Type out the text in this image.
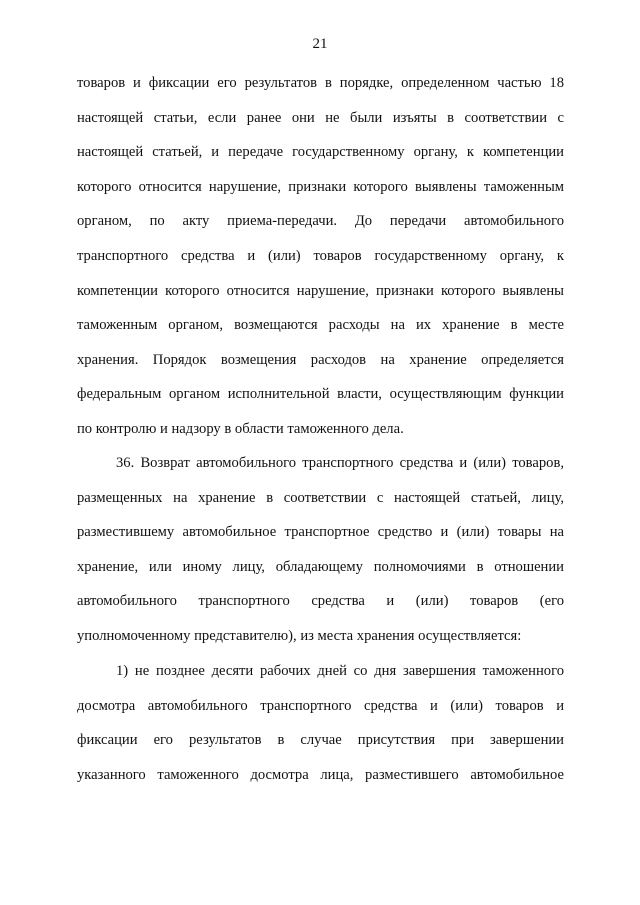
21
товаров и фиксации его результатов в порядке, определенном частью 18
настоящей статьи, если ранее они не были изъяты в соответствии с
настоящей статьей, и передаче государственному органу, к компетенции
которого относится нарушение, признаки которого выявлены таможенным
органом, по акту приема-передачи. До передачи автомобильного
транспортного средства и (или) товаров государственному органу, к
компетенции которого относится нарушение, признаки которого выявлены
таможенным органом, возмещаются расходы на их хранение в месте
хранения. Порядок возмещения расходов на хранение определяется
федеральным органом исполнительной власти, осуществляющим функции
по контролю и надзору в области таможенного дела.
36. Возврат автомобильного транспортного средства и (или) товаров,
размещенных на хранение в соответствии с настоящей статьей, лицу,
разместившему автомобильное транспортное средство и (или) товары на
хранение, или иному лицу, обладающему полномочиями в отношении
автомобильного транспортного средства и (или) товаров (его
уполномоченному представителю), из места хранения осуществляется:
1) не позднее десяти рабочих дней со дня завершения таможенного
досмотра автомобильного транспортного средства и (или) товаров и
фиксации его результатов в случае присутствия при завершении
указанного таможенного досмотра лица, разместившего автомобильное
